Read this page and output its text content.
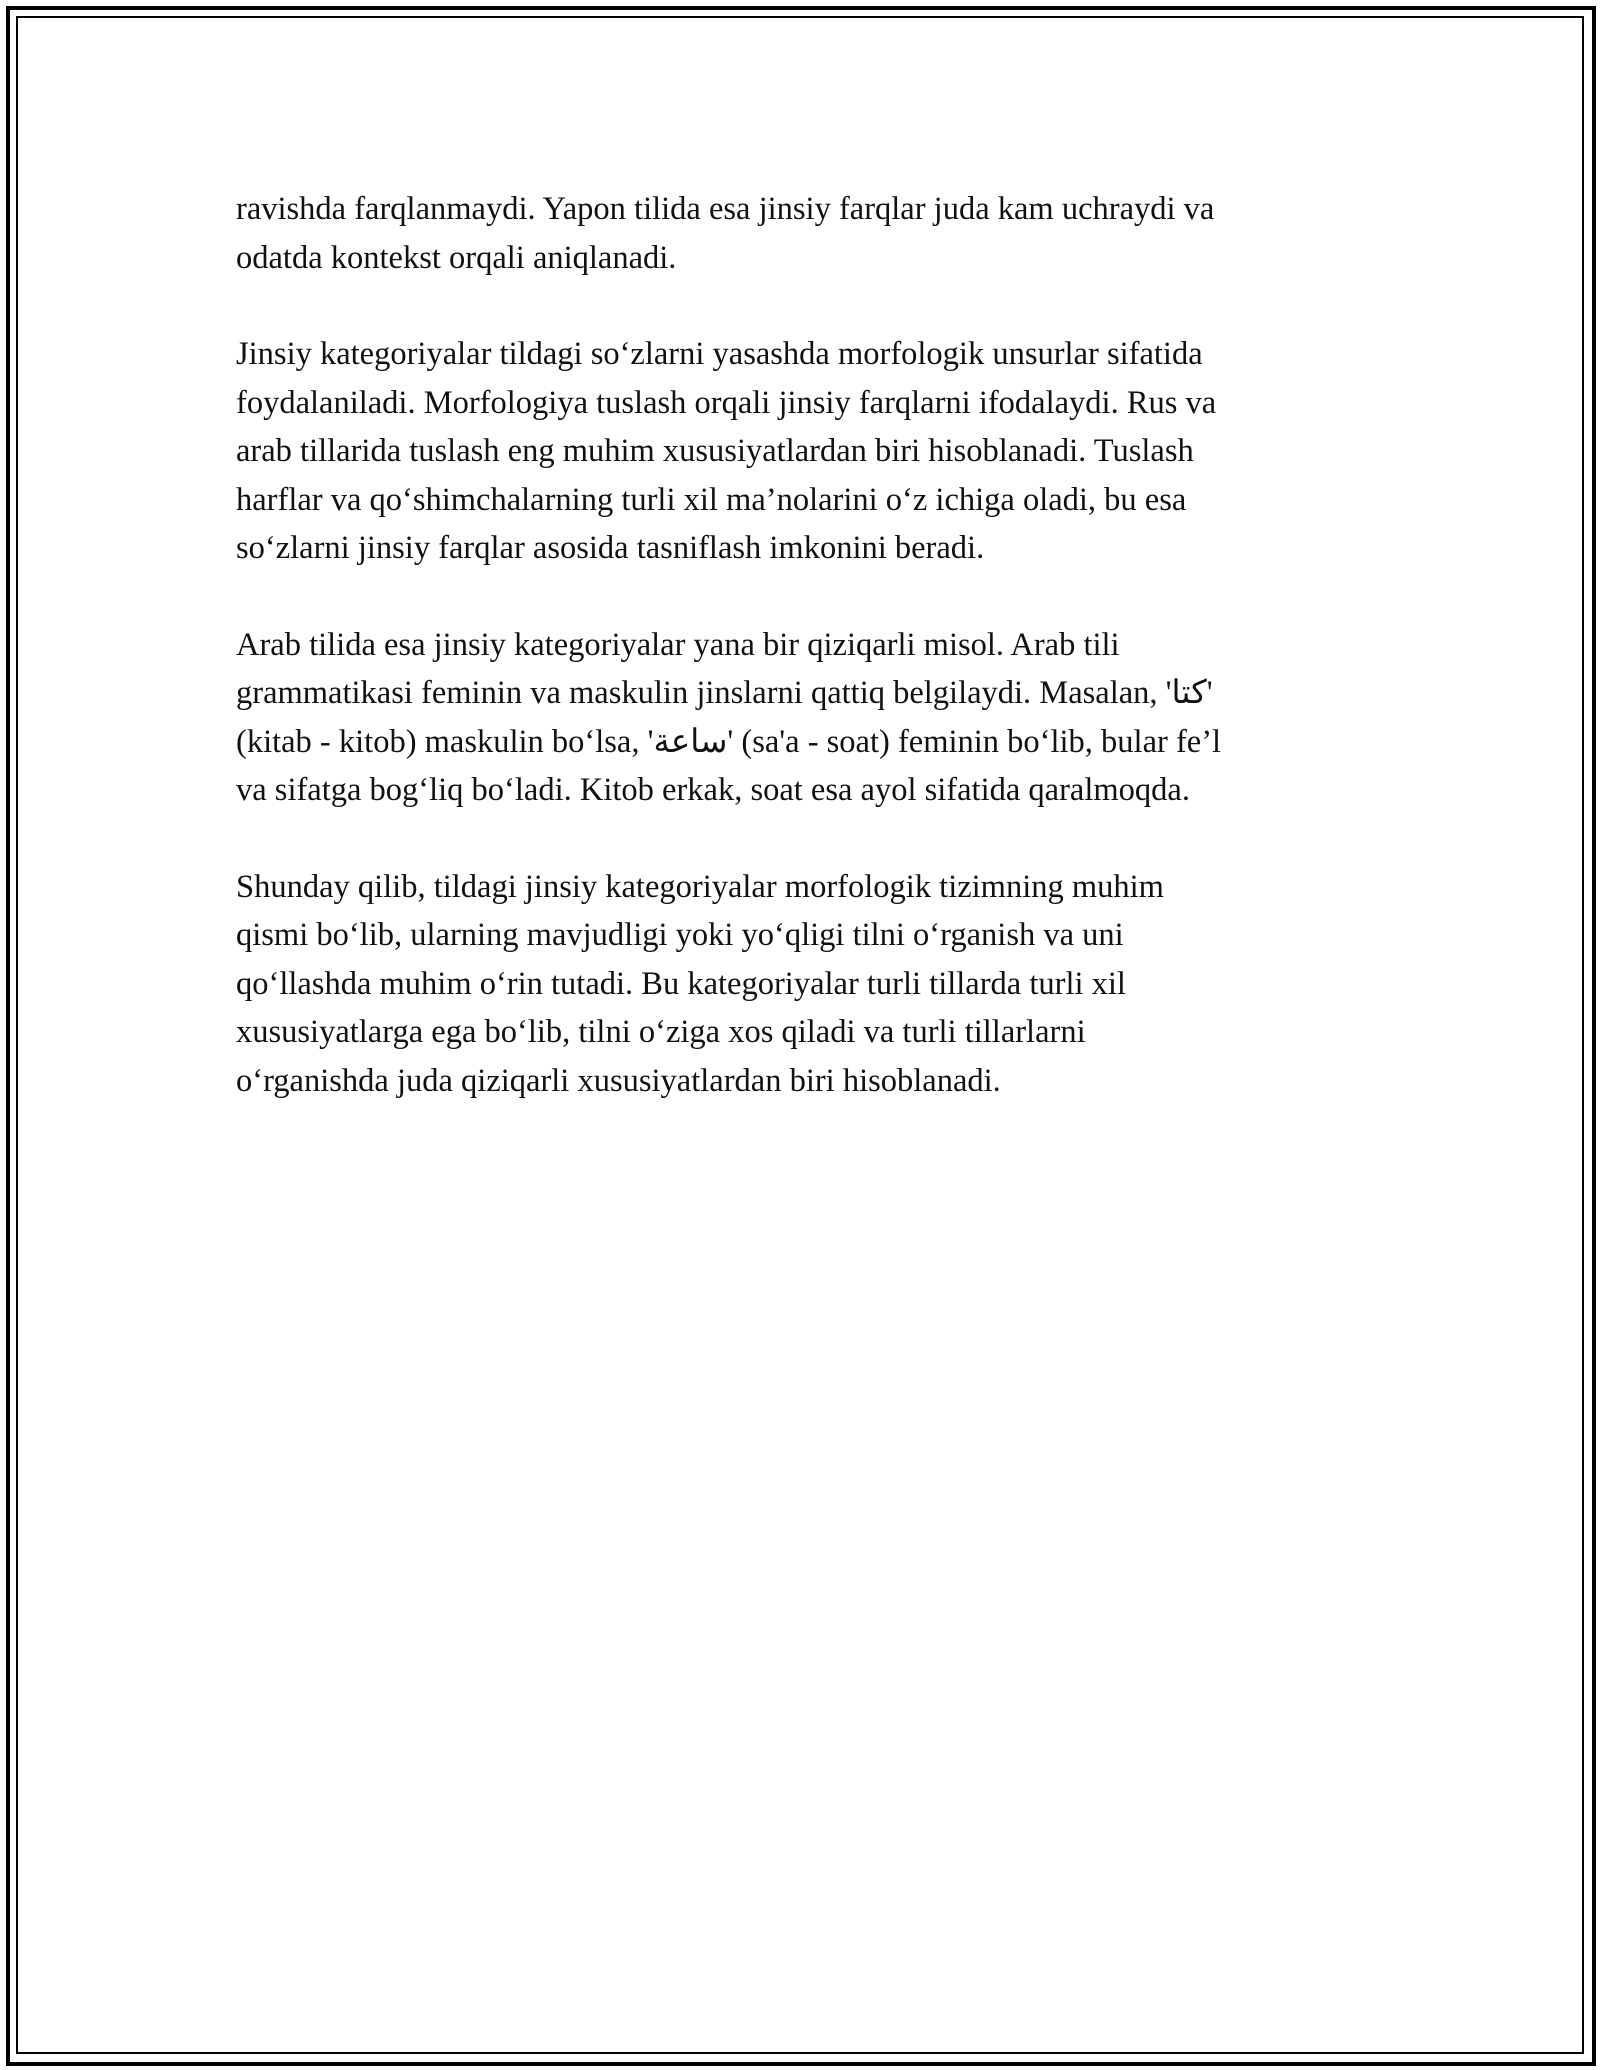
ravishda farqlanmaydi. Yapon tilida esa jinsiy farqlar juda kam uchraydi va
odatda kontekst orqali aniqlanadi.

Jinsiy kategoriyalar tildagi so‘zlarni yasashda morfologik unsurlar sifatida
foydalaniladi. Morfologiya tuslash orqali jinsiy farqlarni ifodalaydi. Rus va
arab tillarida tuslash eng muhim xususiyatlardan biri hisoblanadi. Tuslash
harflar va qo‘shimchalarning turli xil ma’nolarini o‘z ichiga oladi, bu esa
so‘zlarni jinsiy farqlar asosida tasniflash imkonini beradi.

Arab tilida esa jinsiy kategoriyalar yana bir qiziqarli misol. Arab tili
grammatikasi feminin va maskulin jinslarni qattiq belgilaydi. Masalan, 'كتا'
(kitab - kitob) maskulin bo‘lsa, 'ساعة' (sa'a - soat) feminin bo‘lib, bular fe’l
va sifatga bog‘liq bo‘ladi. Kitob erkak, soat esa ayol sifatida qaralmoqda.

Shunday qilib, tildagi jinsiy kategoriyalar morfologik tizimning muhim
qismi bo‘lib, ularning mavjudligi yoki yo‘qligi tilni o‘rganish va uni
qo‘llashda muhim o‘rin tutadi. Bu kategoriyalar turli tillarda turli xil
xususiyatlarga ega bo‘lib, tilni o‘ziga xos qiladi va turli tillarlarni
o‘rganishda juda qiziqarli xususiyatlardan biri hisoblanadi.
